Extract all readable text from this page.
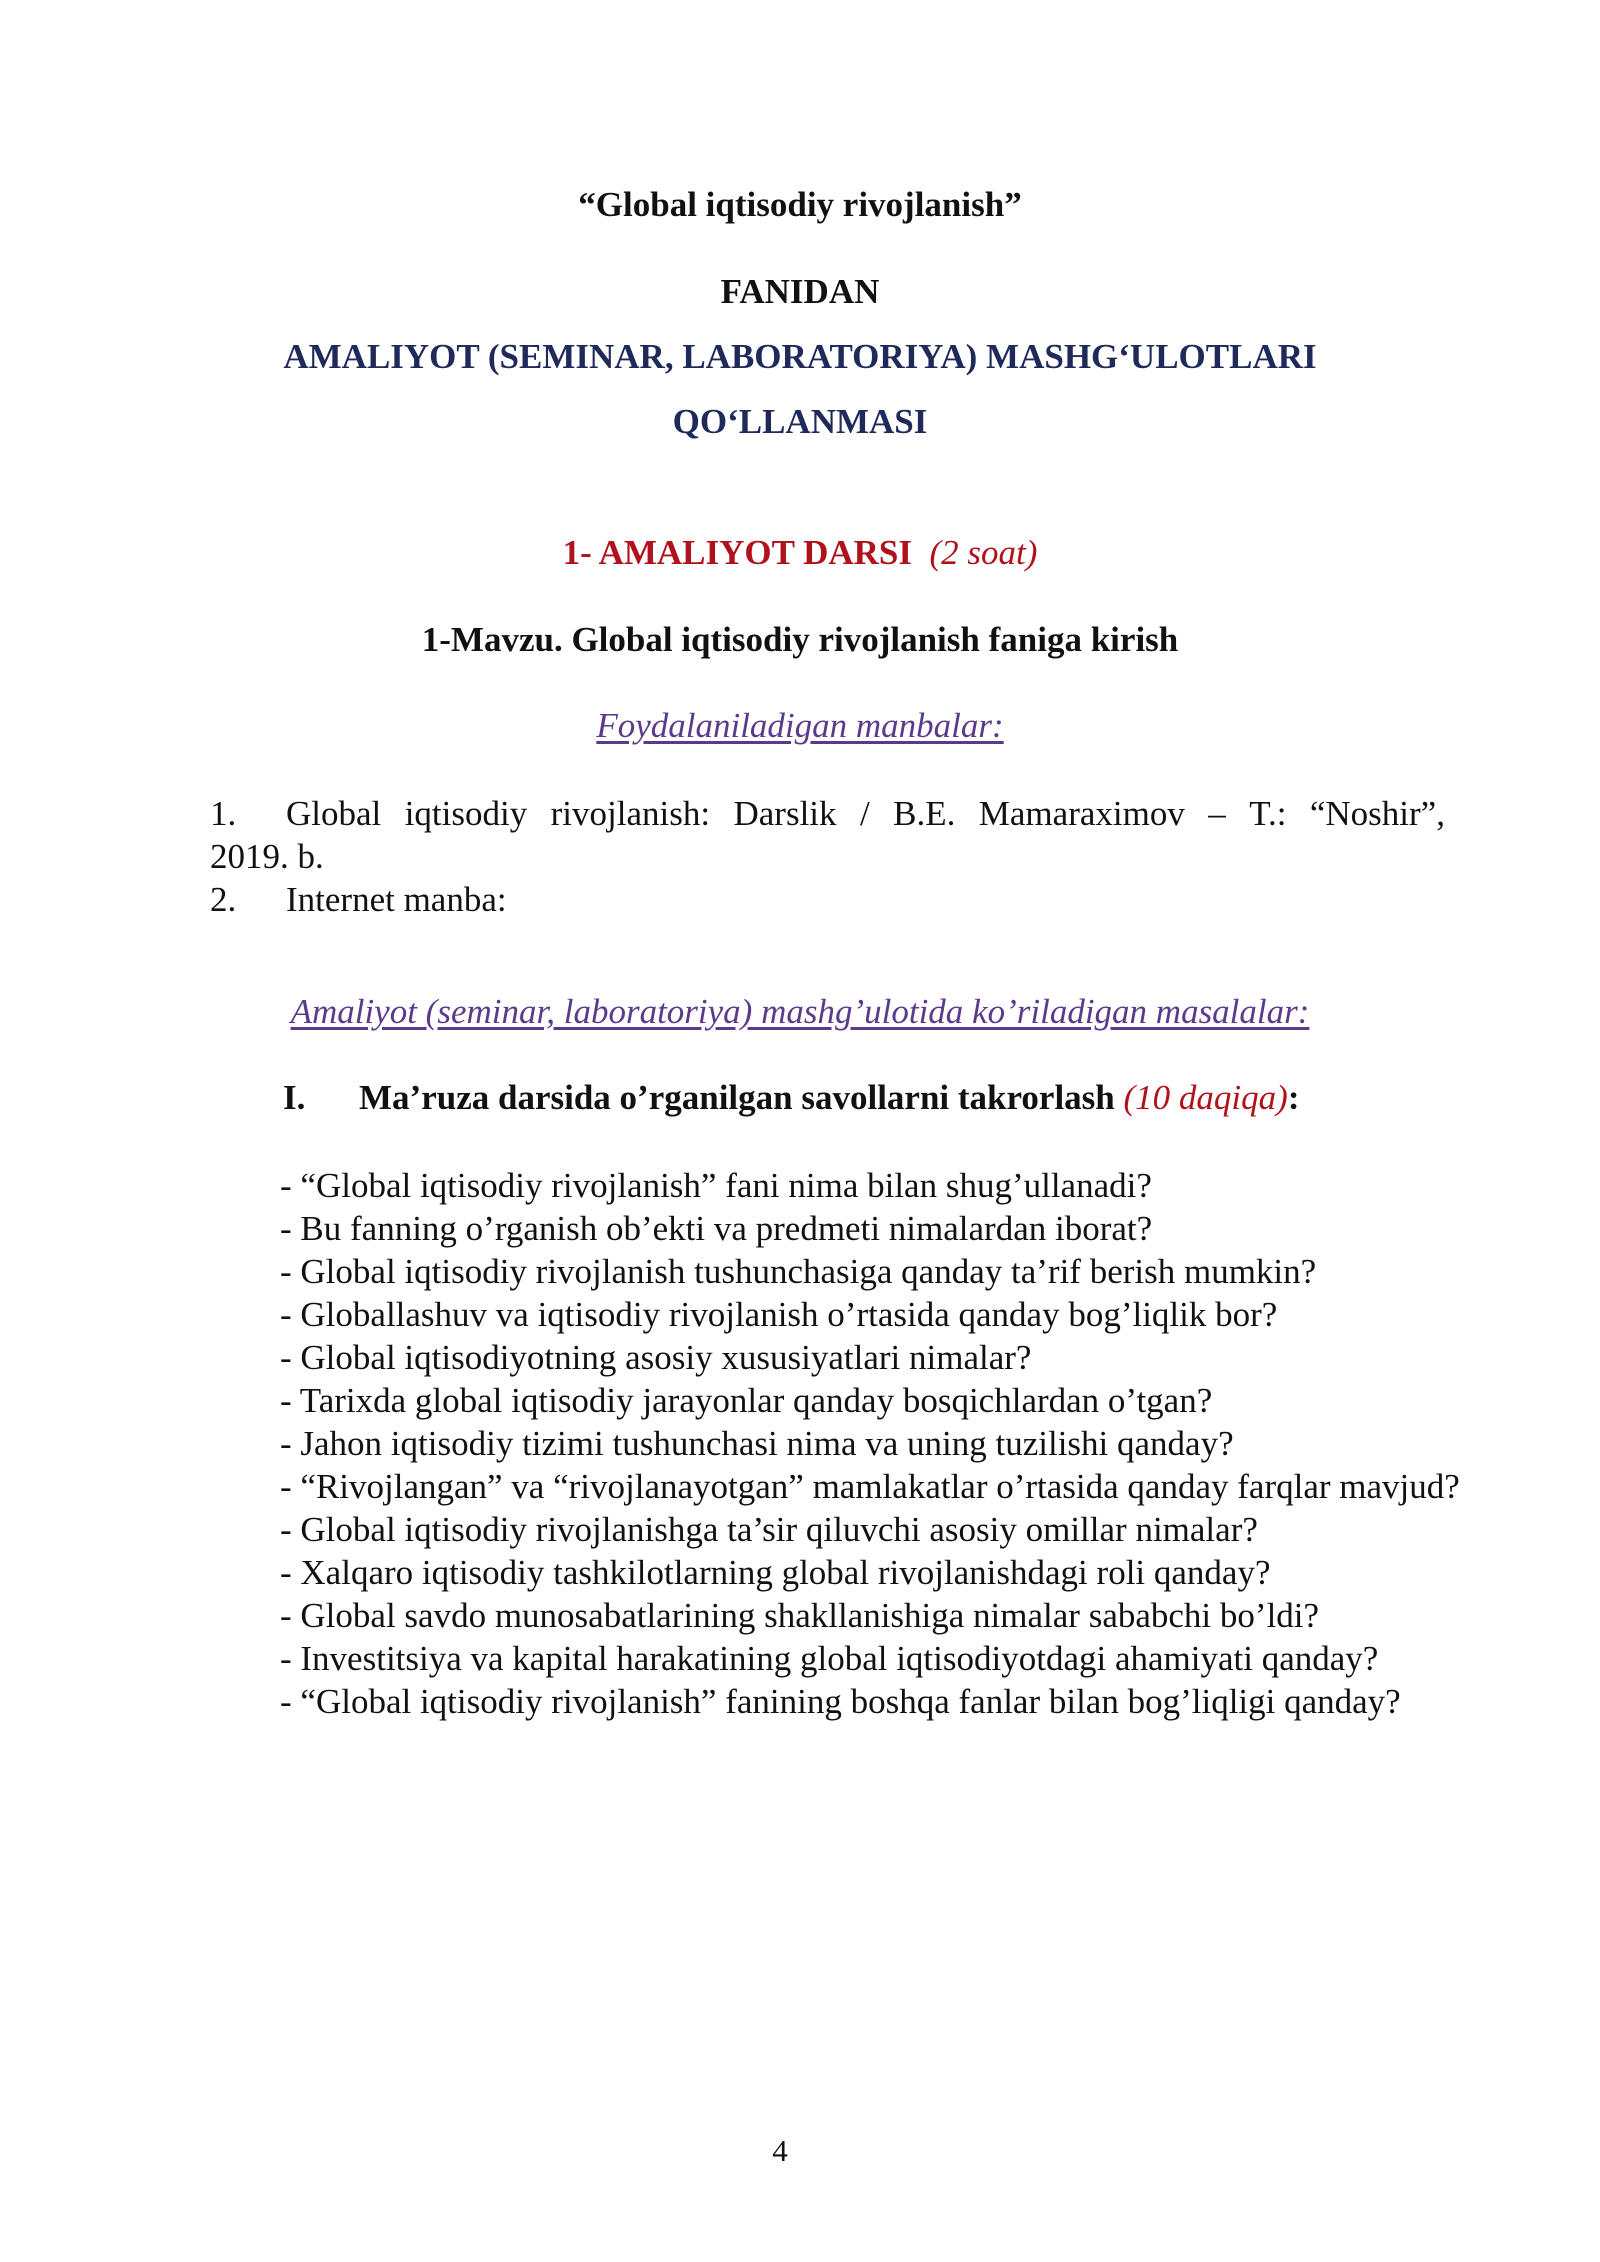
“Global iqtisodiy rivojlanish”
FANIDAN
AMALIYOT (SEMINAR, LABORATORIYA) MASHG‘ULOTLARI
QO‘LLANMASI
1- AMALIYOT DARSI (2 soat)
1-Mavzu. Global iqtisodiy rivojlanish faniga kirish
Foydalaniladigan manbalar:
1.	Global iqtisodiy rivojlanish: Darslik / B.E. Mamaraximov – T.: “Noshir”,
2019. b.
2. Internet manba:
Amaliyot (seminar, laboratoriya) mashg’ulotida ko’riladigan masalalar:
I. Ma’ruza darsida o’rganilgan savollarni takrorlash (10 daqiqa):
- “Global iqtisodiy rivojlanish” fani nima bilan shug’ullanadi?
- Bu fanning o’rganish ob’ekti va predmeti nimalardan iborat?
- Global iqtisodiy rivojlanish tushunchasiga qanday ta’rif berish mumkin?
- Globallashuv va iqtisodiy rivojlanish o’rtasida qanday bog’liqlik bor?
- Global iqtisodiyotning asosiy xususiyatlari nimalar?
- Tarixda global iqtisodiy jarayonlar qanday bosqichlardan o’tgan?
- Jahon iqtisodiy tizimi tushunchasi nima va uning tuzilishi qanday?
- “Rivojlangan” va “rivojlanayotgan” mamlakatlar o’rtasida qanday farqlar mavjud?
- Global iqtisodiy rivojlanishga ta’sir qiluvchi asosiy omillar nimalar?
- Xalqaro iqtisodiy tashkilotlarning global rivojlanishdagi roli qanday?
- Global savdo munosabatlarining shakllanishiga nimalar sababchi bo’ldi?
- Investitsiya va kapital harakatining global iqtisodiyotdagi ahamiyati qanday?
- “Global iqtisodiy rivojlanish” fanining boshqa fanlar bilan bog’liqligi qanday?
4
